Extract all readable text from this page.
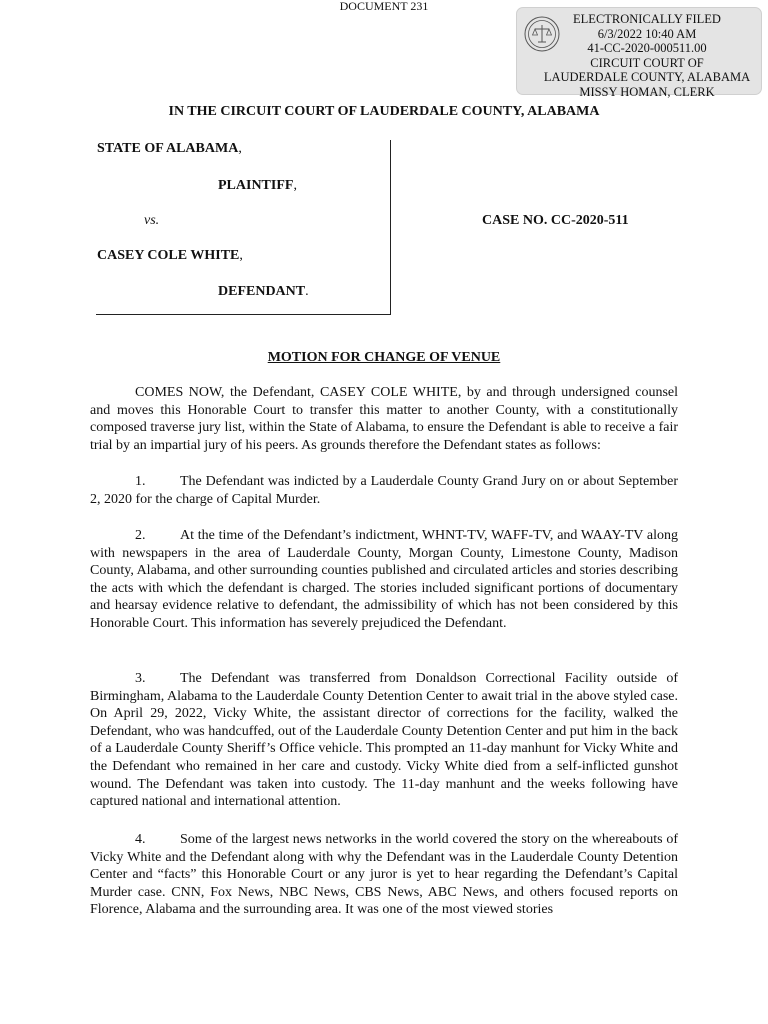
DOCUMENT 231
ELECTRONICALLY FILED
6/3/2022 10:40 AM
41-CC-2020-000511.00
CIRCUIT COURT OF
LAUDERDALE COUNTY, ALABAMA
MISSY HOMAN, CLERK
IN THE CIRCUIT COURT OF LAUDERDALE COUNTY, ALABAMA
STATE OF ALABAMA,
PLAINTIFF,
vs.
CASEY COLE WHITE,
DEFENDANT.
CASE NO. CC-2020-511
MOTION FOR CHANGE OF VENUE

COMES NOW, the Defendant, CASEY COLE WHITE, by and through undersigned counsel and moves this Honorable Court to transfer this matter to another County, with a constitutionally composed traverse jury list, within the State of Alabama, to ensure the Defendant is able to receive a fair trial by an impartial jury of his peers. As grounds therefore the Defendant states as follows:

1. The Defendant was indicted by a Lauderdale County Grand Jury on or about September 2, 2020 for the charge of Capital Murder.

2. At the time of the Defendant’s indictment, WHNT-TV, WAFF-TV, and WAAY-TV along with newspapers in the area of Lauderdale County, Morgan County, Limestone County, Madison County, Alabama, and other surrounding counties published and circulated articles and stories describing the acts with which the defendant is charged. The stories included significant portions of documentary and hearsay evidence relative to defendant, the admissibility of which has not been considered by this Honorable Court. This information has severely prejudiced the Defendant.

3. The Defendant was transferred from Donaldson Correctional Facility outside of Birmingham, Alabama to the Lauderdale County Detention Center to await trial in the above styled case. On April 29, 2022, Vicky White, the assistant director of corrections for the facility, walked the Defendant, who was handcuffed, out of the Lauderdale County Detention Center and put him in the back of a Lauderdale County Sheriff’s Office vehicle. This prompted an 11-day manhunt for Vicky White and the Defendant who remained in her care and custody. Vicky White died from a self-inflicted gunshot wound. The Defendant was taken into custody. The 11-day manhunt and the weeks following have captured national and international attention.

4. Some of the largest news networks in the world covered the story on the whereabouts of Vicky White and the Defendant along with why the Defendant was in the Lauderdale County Detention Center and “facts” this Honorable Court or any juror is yet to hear regarding the Defendant’s Capital Murder case. CNN, Fox News, NBC News, CBS News, ABC News, and others focused reports on Florence, Alabama and the surrounding area. It was one of the most viewed stories
